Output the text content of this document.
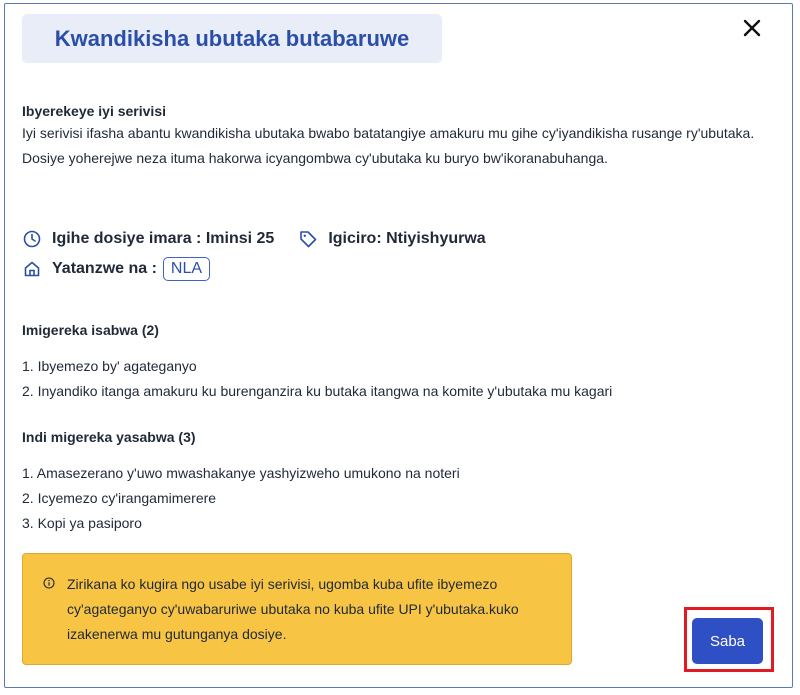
Kwandikisha ubutaka butabaruwe
Ibyerekeye iyi serivisi
Iyi serivisi ifasha abantu kwandikisha ubutaka bwabo batatangiye amakuru mu gihe cy'iyandikisha rusange ry'ubutaka. Dosiye yoherejwe neza ituma hakorwa icyangombwa cy'ubutaka ku buryo bw'ikoranabuhanga.
Igihe dosiye imara : Iminsi 25	Igiciro: Ntiyishyurwa
Yatanzwe na : NLA
Imigereka isabwa (2)
1. Ibyemezo by' agateganyo
2. Inyandiko itanga amakuru ku burenganzira ku butaka itangwa na komite y'ubutaka mu kagari
Indi migereka yasabwa (3)
1. Amasezerano y'uwo mwashakanye yashyizweho umukono na noteri
2. Icyemezo cy'irangamimerere
3. Kopi ya pasiporo
Zirikana ko kugira ngo usabe iyi serivisi, ugomba kuba ufite ibyemezo cy'agateganyo cy'uwabaruriwe ubutaka no kuba ufite UPI y'ubutaka.kuko izakenerwa mu gutunganya dosiye.	Saba
